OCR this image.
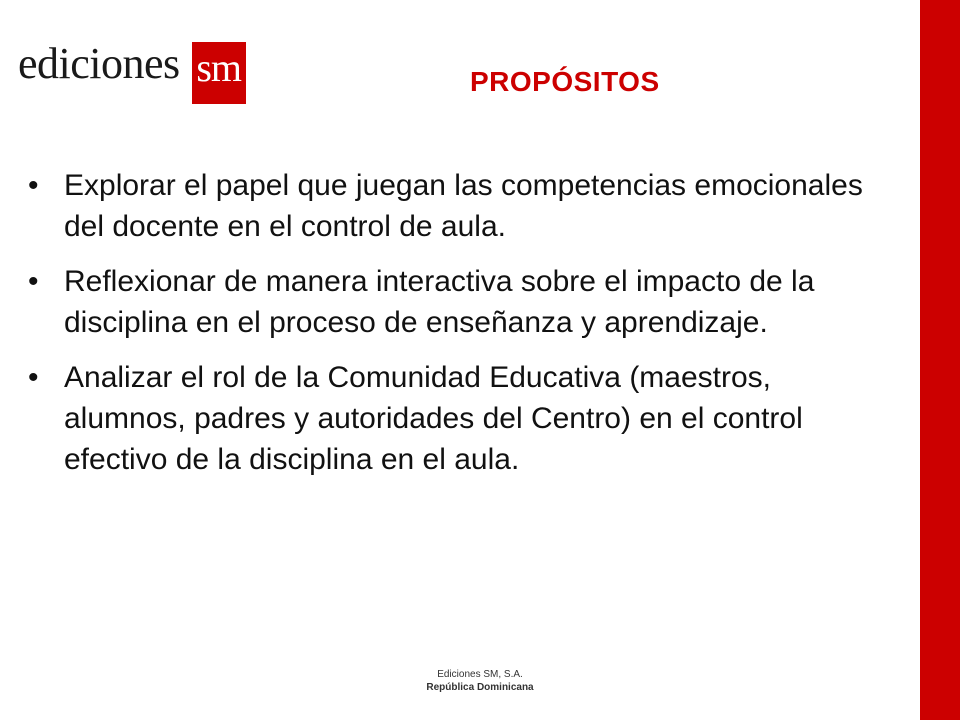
ediciones sm	PROPÓSITOS
• Explorar el papel que juegan las competencias emocionales del docente en el control de aula.
• Reflexionar de manera interactiva sobre el impacto de la disciplina en el proceso de enseñanza y aprendizaje.
• Analizar el rol de la Comunidad Educativa (maestros, alumnos, padres y autoridades del Centro) en el control efectivo de la disciplina en el aula.
Ediciones SM, S.A.
República Dominicana
